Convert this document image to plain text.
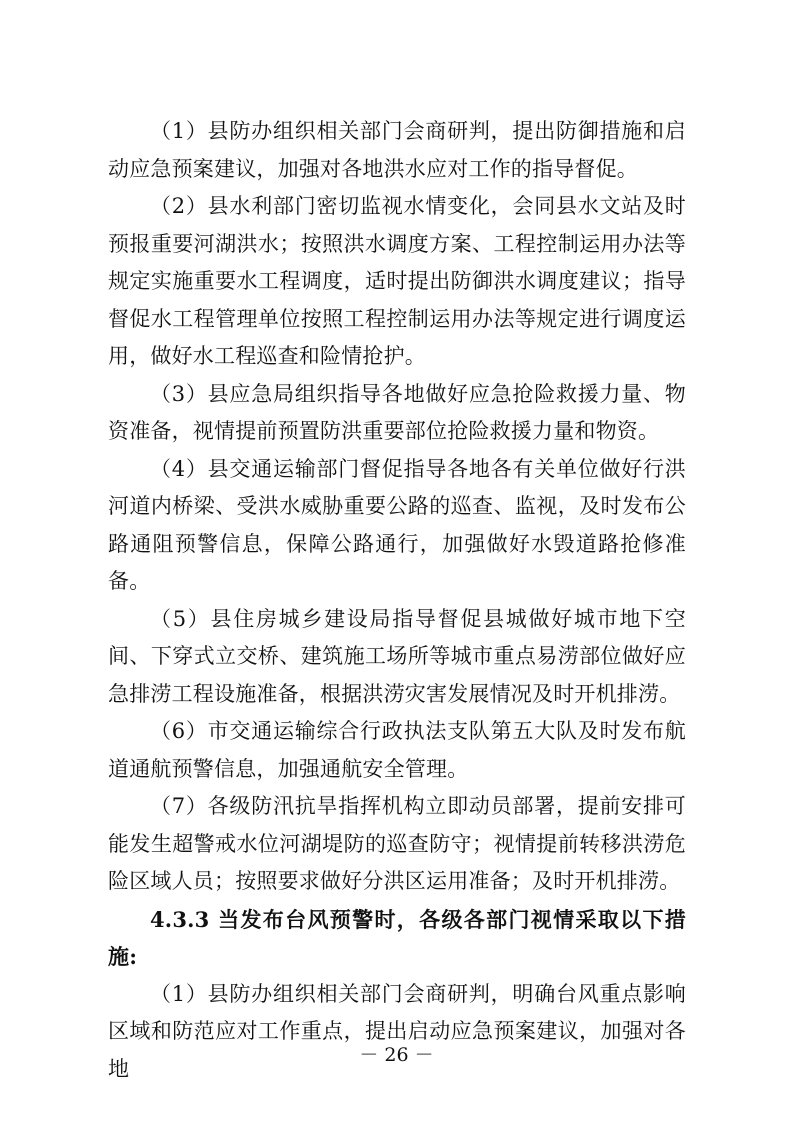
（1）县防办组织相关部门会商研判，提出防御措施和启动应急预案建议，加强对各地洪水应对工作的指导督促。

（2）县水利部门密切监视水情变化，会同县水文站及时预报重要河湖洪水；按照洪水调度方案、工程控制运用办法等规定实施重要水工程调度，适时提出防御洪水调度建议；指导督促水工程管理单位按照工程控制运用办法等规定进行调度运用，做好水工程巡查和险情抢护。

（3）县应急局组织指导各地做好应急抢险救援力量、物资准备，视情提前预置防洪重要部位抢险救援力量和物资。

（4）县交通运输部门督促指导各地各有关单位做好行洪河道内桥梁、受洪水威胁重要公路的巡查、监视，及时发布公路通阻预警信息，保障公路通行，加强做好水毁道路抢修准备。

（5）县住房城乡建设局指导督促县城做好城市地下空间、下穿式立交桥、建筑施工场所等城市重点易涝部位做好应急排涝工程设施准备，根据洪涝灾害发展情况及时开机排涝。

（6）市交通运输综合行政执法支队第五大队及时发布航道通航预警信息，加强通航安全管理。

（7）各级防汛抗旱指挥机构立即动员部署，提前安排可能发生超警戒水位河湖堤防的巡查防守；视情提前转移洪涝危险区域人员；按照要求做好分洪区运用准备；及时开机排涝。

4.3.3 当发布台风预警时，各级各部门视情采取以下措施:

（1）县防办组织相关部门会商研判，明确台风重点影响区域和防范应对工作重点，提出启动应急预案建议，加强对各地

－ 26 －
